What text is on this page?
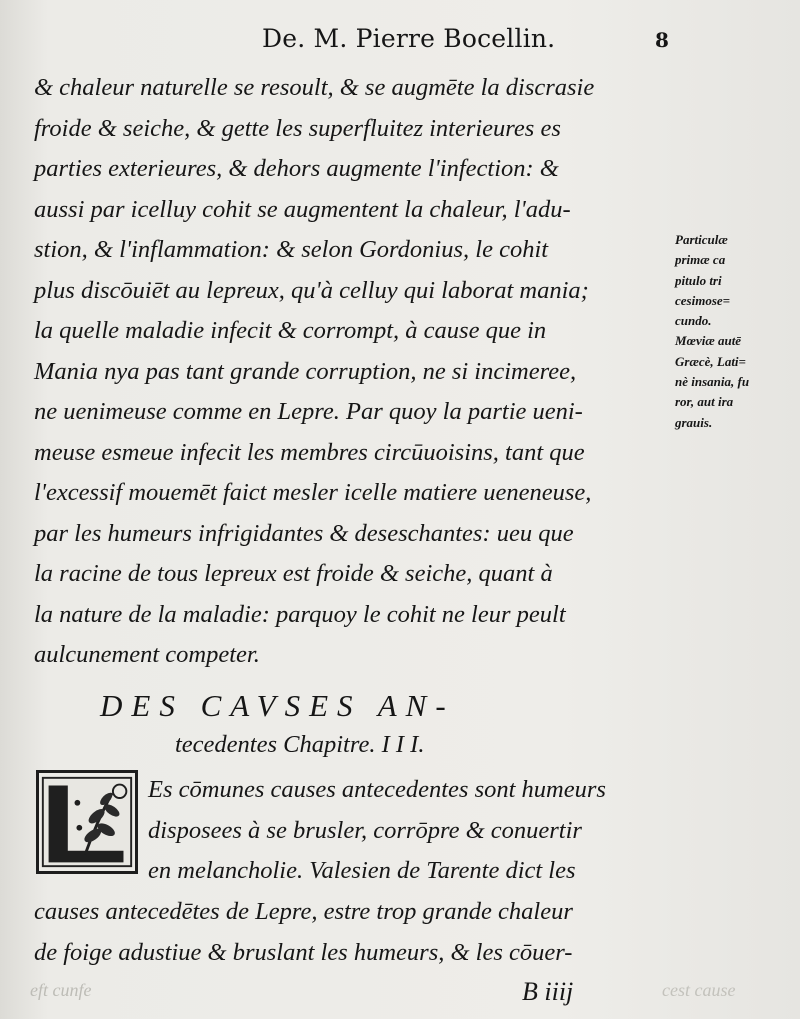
De. M. Pierre Bocellin.	8
& chaleur naturelle se resoult, & se augmēte la discrasie
froide & seiche, & gette les superfluitez interieures es
parties exterieures, & dehors augmente l'infection: &
aussi par icelluy cohit se augmentent la chaleur, l'adu-
stion, & l'inflammation: & selon Gordonius, le cohit
plus discōuiēt au lepreux, qu'à celluy qui laborat mania;
la quelle maladie infecit & corrompt, à cause que in
Mania nya pas tant grande corruption, ne si incimeree,
ne uenimeuse comme en Lepre. Par quoy la partie ueni-
meuse esmeue infecit les membres circūuoisins, tant que
l'excessif mouemēt faict mesler icelle matiere ueneneuse,
par les humeurs infrigidantes & deseschantes: ueu que
la racine de tous lepreux est froide & seiche, quant à
la nature de la maladie: parquoy le cohit ne leur peult
aulcunement competer.
Particulæ
primæ ca
pitulo tri
cesimose=
cundo.
Mœviæ autē
Græcè, Lati=
nè insania, fu
ror, aut ira
grauis.
DES CAVSES AN-
tecedentes Chapitre. I I I.
Es cōmunes causes antecedentes sont humeurs
disposees à se brusler, corrōpre & conuertir
en melancholie. Valesien de Tarente dict les
causes antecedētes de Lepre, estre trop grande chaleur
de foige adustiue & bruslant les humeurs, & les cōuer-
eft cunfe	cest cause
B iiij
